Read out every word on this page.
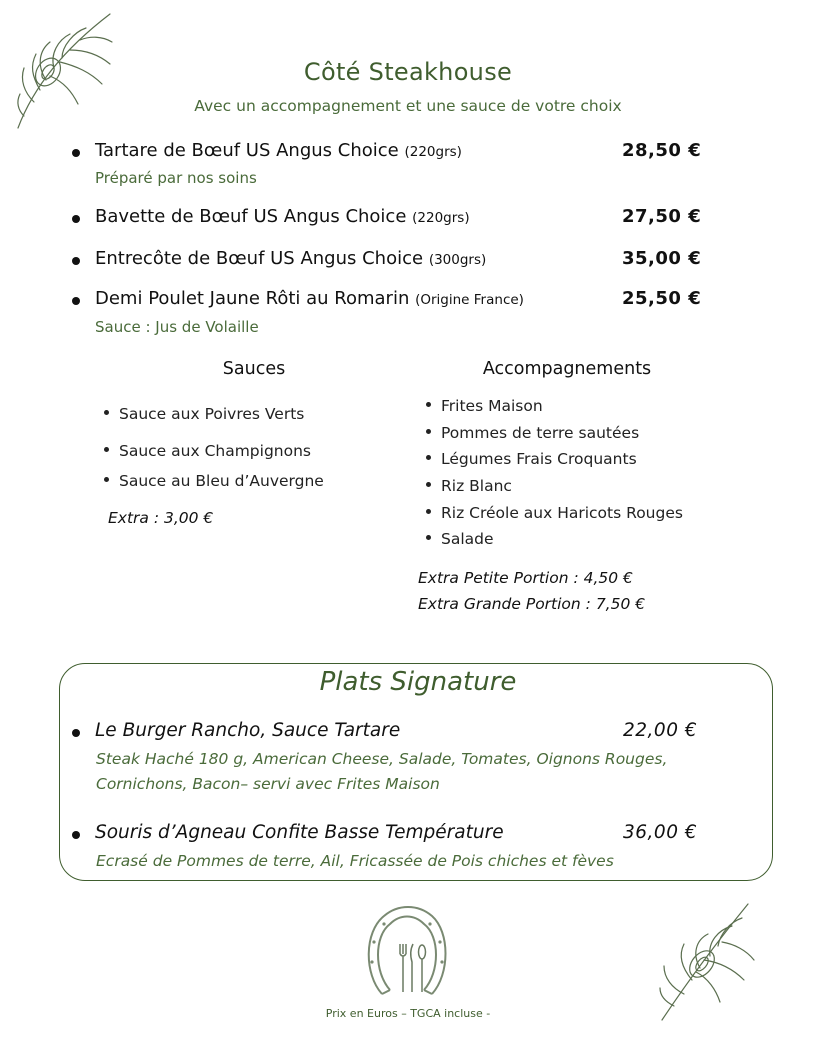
Côté Steakhouse
Avec un accompagnement et une sauce de votre choix
Tartare de Bœuf US Angus Choice (220grs)	28,50 €
Préparé par nos soins
Bavette de Bœuf US Angus Choice (220grs)	27,50 €
Entrecôte de Bœuf US Angus Choice (300grs)	35,00 €
Demi Poulet Jaune Rôti au Romarin (Origine France)	25,50 €
Sauce : Jus de Volaille
Sauces
Sauce aux Poivres Verts
Sauce aux Champignons
Sauce au Bleu d’Auvergne
Extra : 3,00 €
Accompagnements
Frites Maison
Pommes de terre sautées
Légumes Frais Croquants
Riz Blanc
Riz Créole aux Haricots Rouges
Salade
Extra Petite Portion : 4,50 €
Extra Grande Portion : 7,50 €
Plats Signature
Le Burger Rancho, Sauce Tartare	22,00 €
Steak Haché 180 g, American Cheese, Salade, Tomates, Oignons Rouges,
Cornichons, Bacon– servi avec Frites Maison
Souris d’Agneau Confite Basse Température	36,00 €
Ecrasé de Pommes de terre, Ail, Fricassée de Pois chiches et fèves
Prix en Euros – TGCA incluse -
